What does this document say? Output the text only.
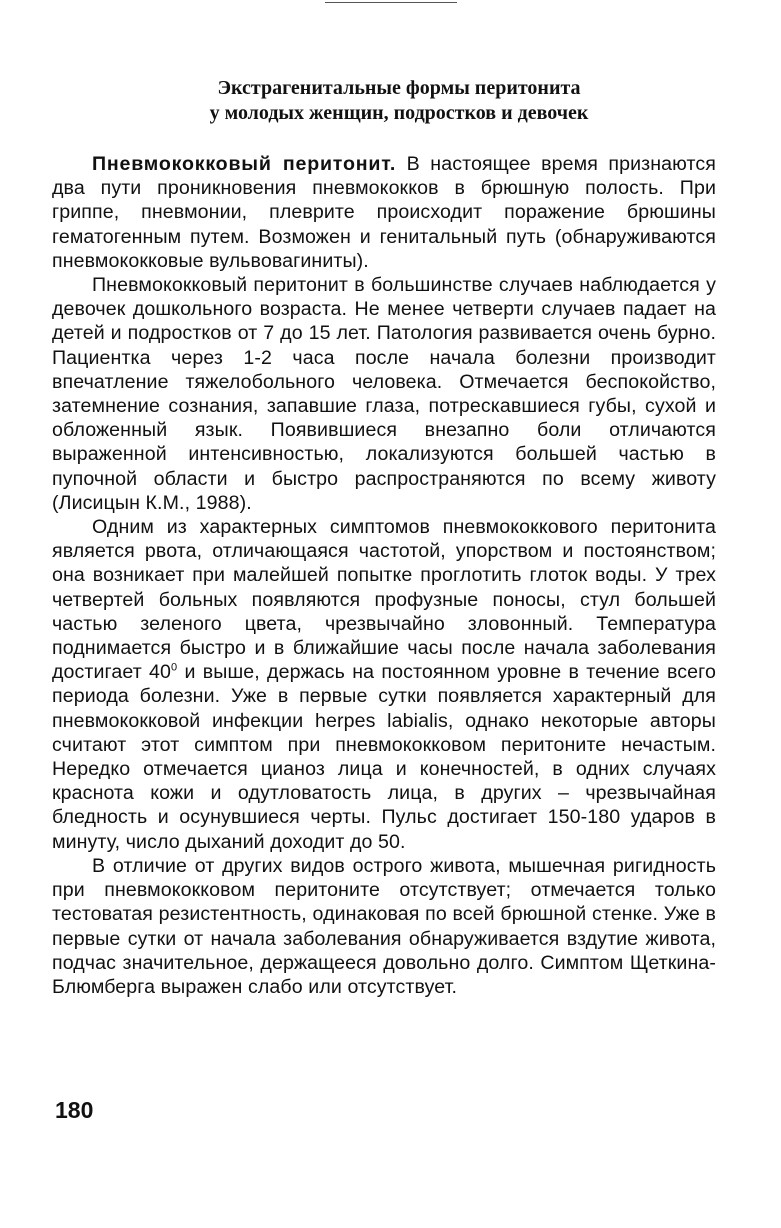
Экстрагенитальные формы перитонита
у молодых женщин, подростков и девочек

Пневмококковый перитонит. В настоящее время признаются два пути проникновения пневмококков в брюшную полость. При гриппе, пневмонии, плеврите происходит поражение брюшины гематогенным путем. Возможен и генитальный путь (обнаруживаются пневмококковые вульвовагиниты).

Пневмококковый перитонит в большинстве случаев наблюдается у девочек дошкольного возраста. Не менее четверти случаев падает на детей и подростков от 7 до 15 лет. Патология развивается очень бурно. Пациентка через 1-2 часа после начала болезни производит впечатление тяжелобольного человека. Отмечается беспокойство, затемнение сознания, запавшие глаза, потрескавшиеся губы, сухой и обложенный язык. Появившиеся внезапно боли отличаются выраженной интенсивностью, локализуются большей частью в пупочной области и быстро распространяются по всему животу (Лисицын К.М., 1988).

Одним из характерных симптомов пневмококкового перитонита является рвота, отличающаяся частотой, упорством и постоянством; она возникает при малейшей попытке проглотить глоток воды. У трех четвертей больных появляются профузные поносы, стул большей частью зеленого цвета, чрезвычайно зловонный. Температура поднимается быстро и в ближайшие часы после начала заболевания достигает $40^0$ и выше, держась на постоянном уровне в течение всего периода болезни. Уже в первые сутки появляется характерный для пневмококковой инфекции herpes labialis, однако некоторые авторы считают этот симптом при пневмококковом перитоните нечастым. Нередко отмечается цианоз лица и конечностей, в одних случаях краснота кожи и одутловатость лица, в других – чрезвычайная бледность и осунувшиеся черты. Пульс достигает 150-180 ударов в минуту, число дыханий доходит до 50.

В отличие от других видов острого живота, мышечная ригидность при пневмококковом перитоните отсутствует; отмечается только тестоватая резистентность, одинаковая по всей брюшной стенке. Уже в первые сутки от начала заболевания обнаруживается вздутие живота, подчас значительное, держащееся довольно долго. Симптом Щеткина-Блюмберга выражен слабо или отсутствует.

180
